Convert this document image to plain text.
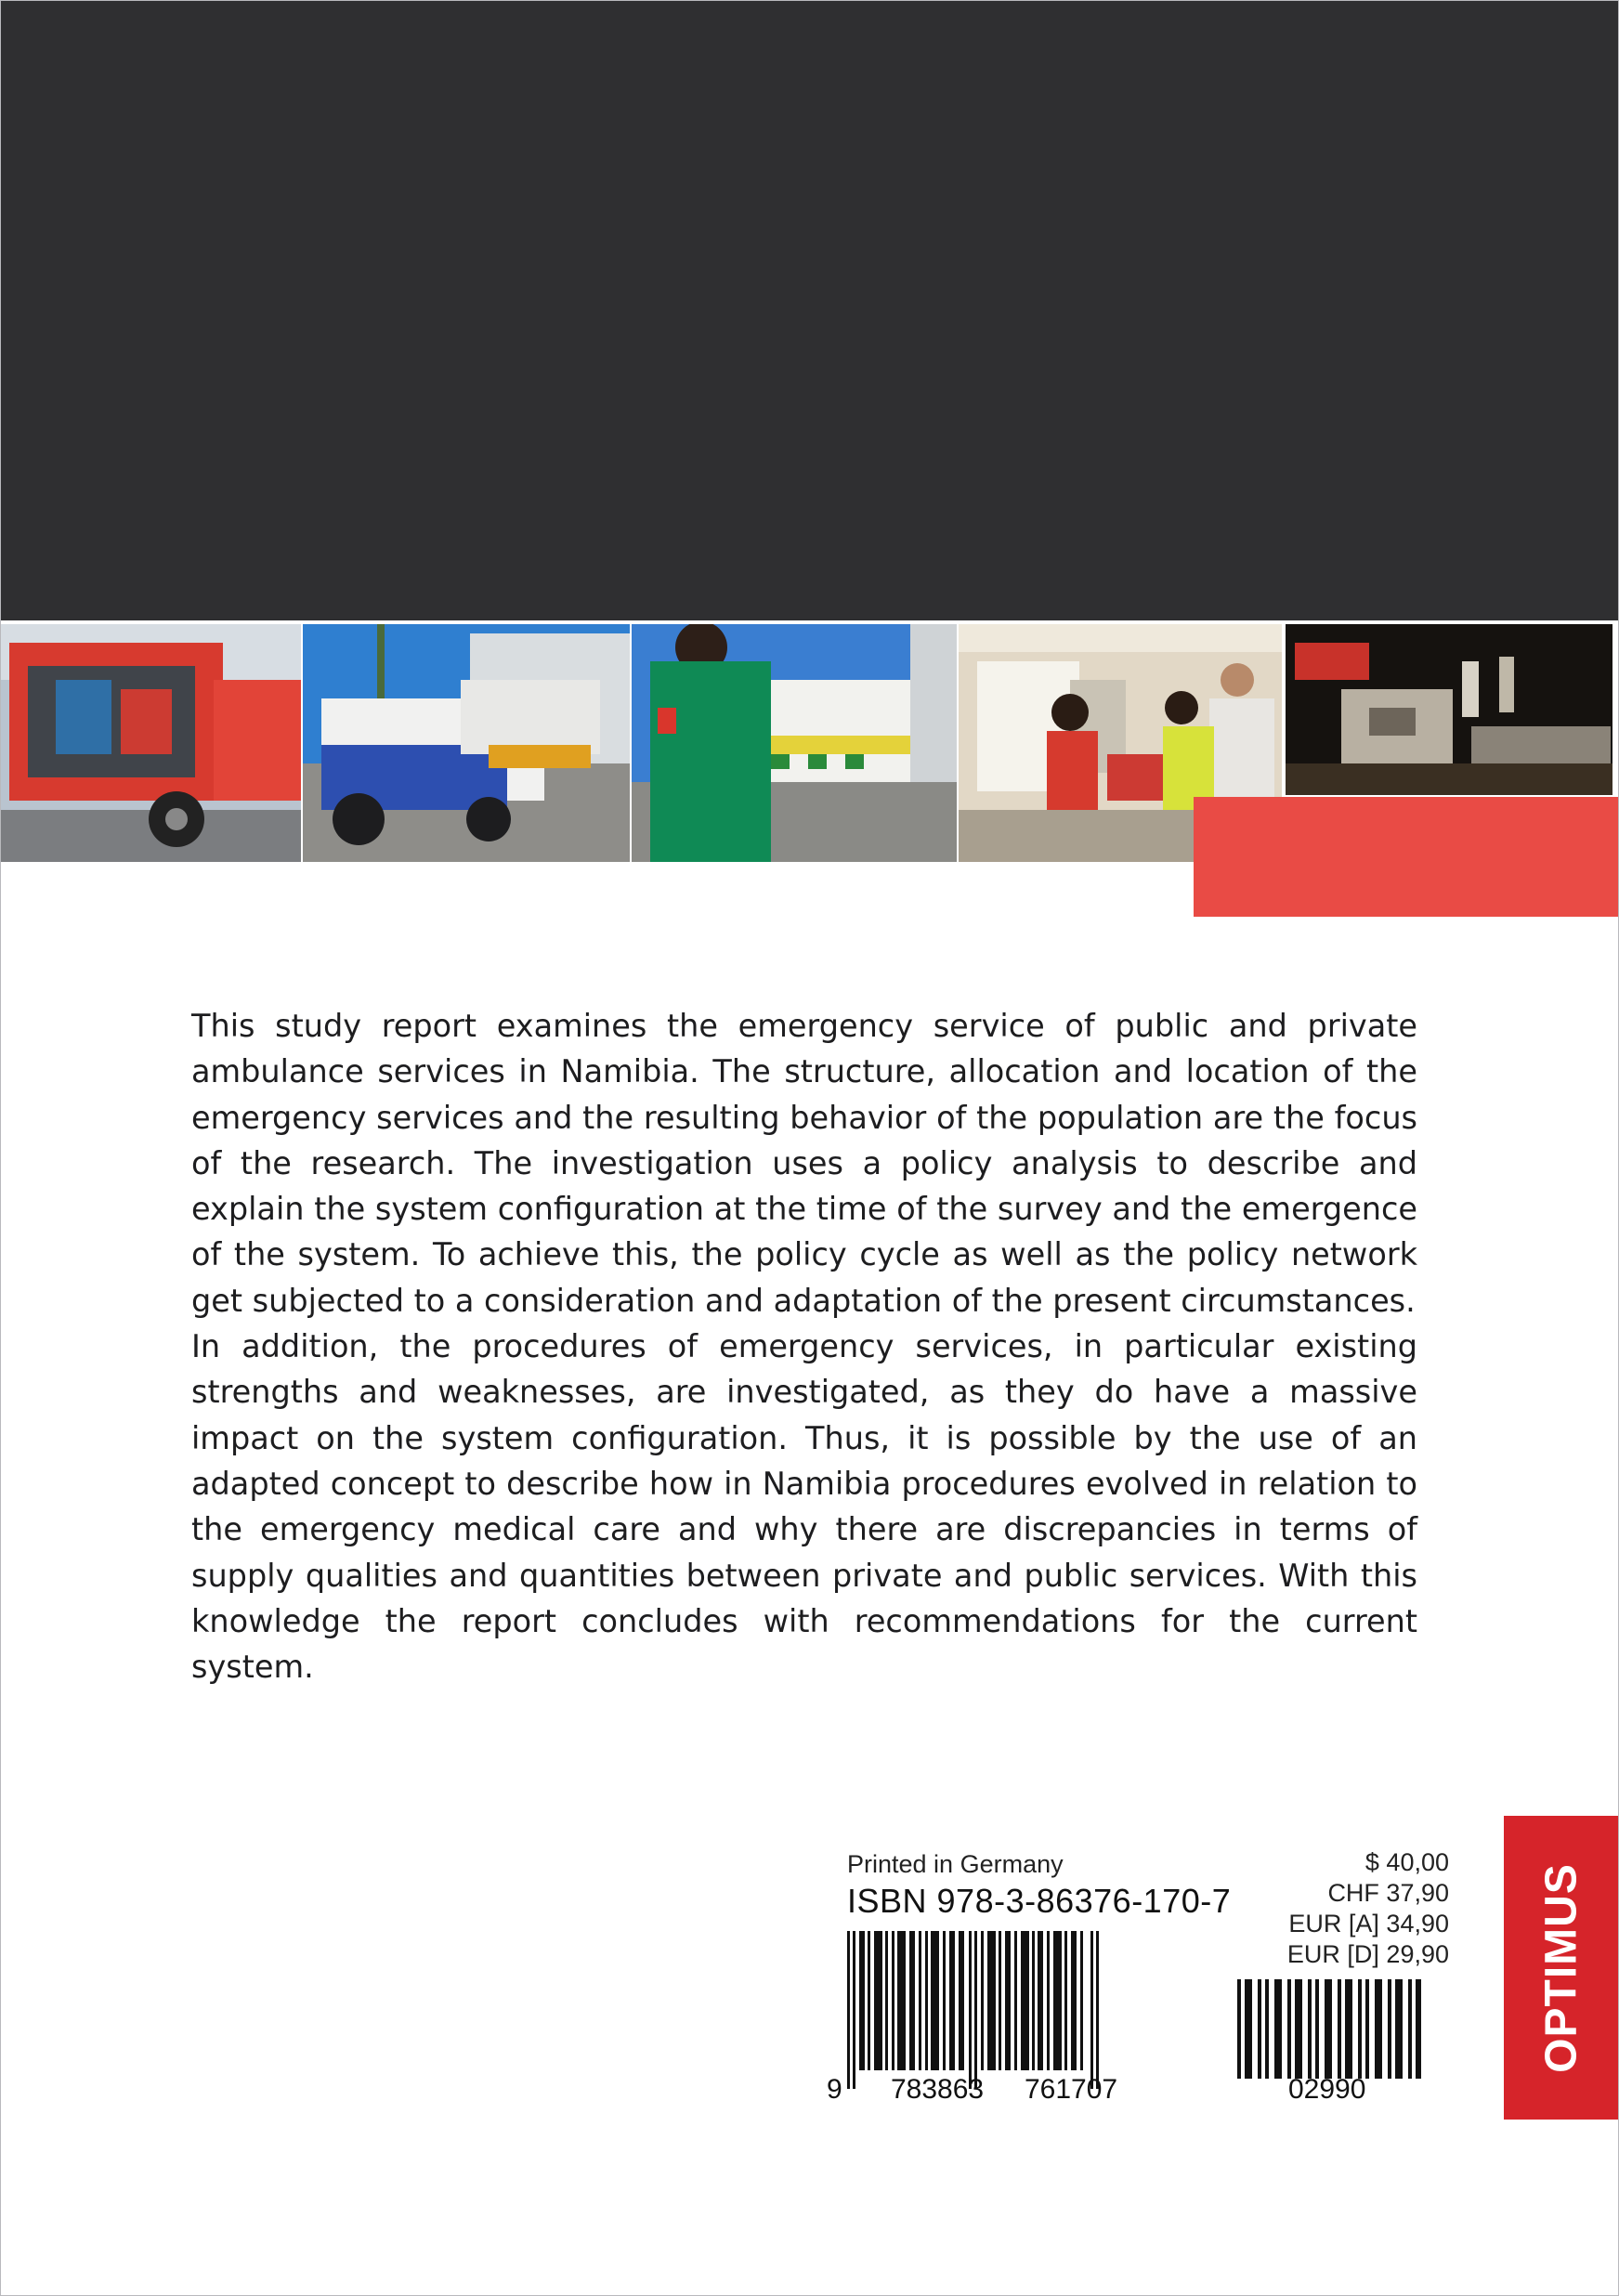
This study report examines the emergency service of public and private ambulance services in Namibia. The structure, allocation and location of the emergency services and the resulting behavior of the population are the focus of the research. The investigation uses a policy analysis to describe and explain the system configuration at the time of the survey and the emergence of the system. To achieve this, the policy cycle as well as the policy network get subjected to a consideration and adaptation of the present circumstances.

In addition, the procedures of emergency services, in particular existing strengths and weaknesses, are investigated, as they do have a massive impact on the system configuration. Thus, it is possible by the use of an adapted concept to describe how in Namibia procedures evolved in relation to the emergency medical care and why there are discrepancies in terms of supply qualities and quantities between private and public services. With this knowledge the report concludes with recommendations for the current system.

Printed in Germany
ISBN 978-3-86376-170-7
$ 40,00
CHF 37,90
EUR [A] 34,90
EUR [D] 29,90
9 783863 761707	02990
OPTIMUS
